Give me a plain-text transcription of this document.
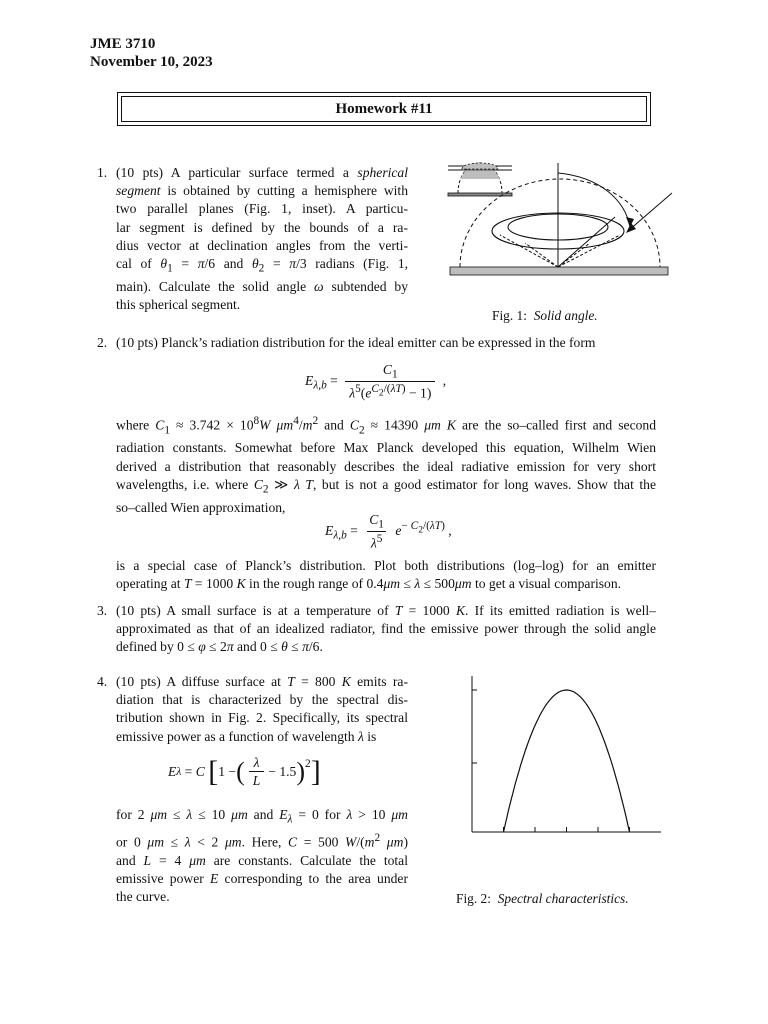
JME 3710
November 10, 2023
Homework #11
1. (10 pts) A particular surface termed a spherical
segment is obtained by cutting a hemisphere with
two parallel planes (Fig. 1, inset). A particu-
lar segment is defined by the bounds of a ra-
dius vector at declination angles from the verti-
cal of $\theta_1 = \pi/6$ and $\theta_2 = \pi/3$ radians (Fig. 1,
main). Calculate the solid angle ω subtended by
this spherical segment.
Fig. 1: Solid angle.
2. (10 pts) Planck’s radiation distribution for the ideal emitter can be expressed in the form
$E_{\lambda,b} = \frac{C_1}{\lambda^5(e^{C_2/(\lambda T)} - 1)}$ ,
where $C_1 \approx 3.742 \times 10^8W$ $\mu m^4/m^2$ and $C_2 \approx 14390$ μm K are the so–called first and second
radiation constants. Somewhat before Max Planck developed this equation, Wilhelm Wien
derived a distribution that reasonably describes the ideal radiative emission for very short
wavelengths, i.e. where $C_2$ ≫ λ T, but is not a good estimator for long waves. Show that the
so–called Wien approximation,
$E_{\lambda,b} = \frac{C_1}{\lambda^5} e^{- C_2/(\lambda T)}$ ,
is a special case of Planck’s distribution. Plot both distributions (log–log) for an emitter
operating at T = 1000 K in the rough range of 0.4μm ≤ λ ≤ 500μm to get a visual comparison.
3. (10 pts) A small surface is at a temperature of T = 1000 K. If its emitted radiation is well–
approximated as that of an idealized radiator, find the emissive power through the solid angle
defined by 0 ≤ φ ≤ 2π and 0 ≤ θ ≤ π/6.
4. (10 pts) A diffuse surface at T = 800 K emits ra-
diation that is characterized by the spectral dis-
tribution shown in Fig. 2. Specifically, its spectral
emissive power as a function of wavelength λ is
E λ = C
[ 1 − ( $\frac{\lambda}{L} - 1.5$ )$^2$ ]
for 2 μm ≤ λ ≤ 10 μm and $E_\lambda = 0$ for λ > 10 μm
or 0 μm ≤ λ < 2 μm. Here, C = 500 $W/(m^2$ μm)
and L = 4 μm are constants. Calculate the total
emissive power E corresponding to the area under
the curve.	Fig. 2: Spectral characteristics.
